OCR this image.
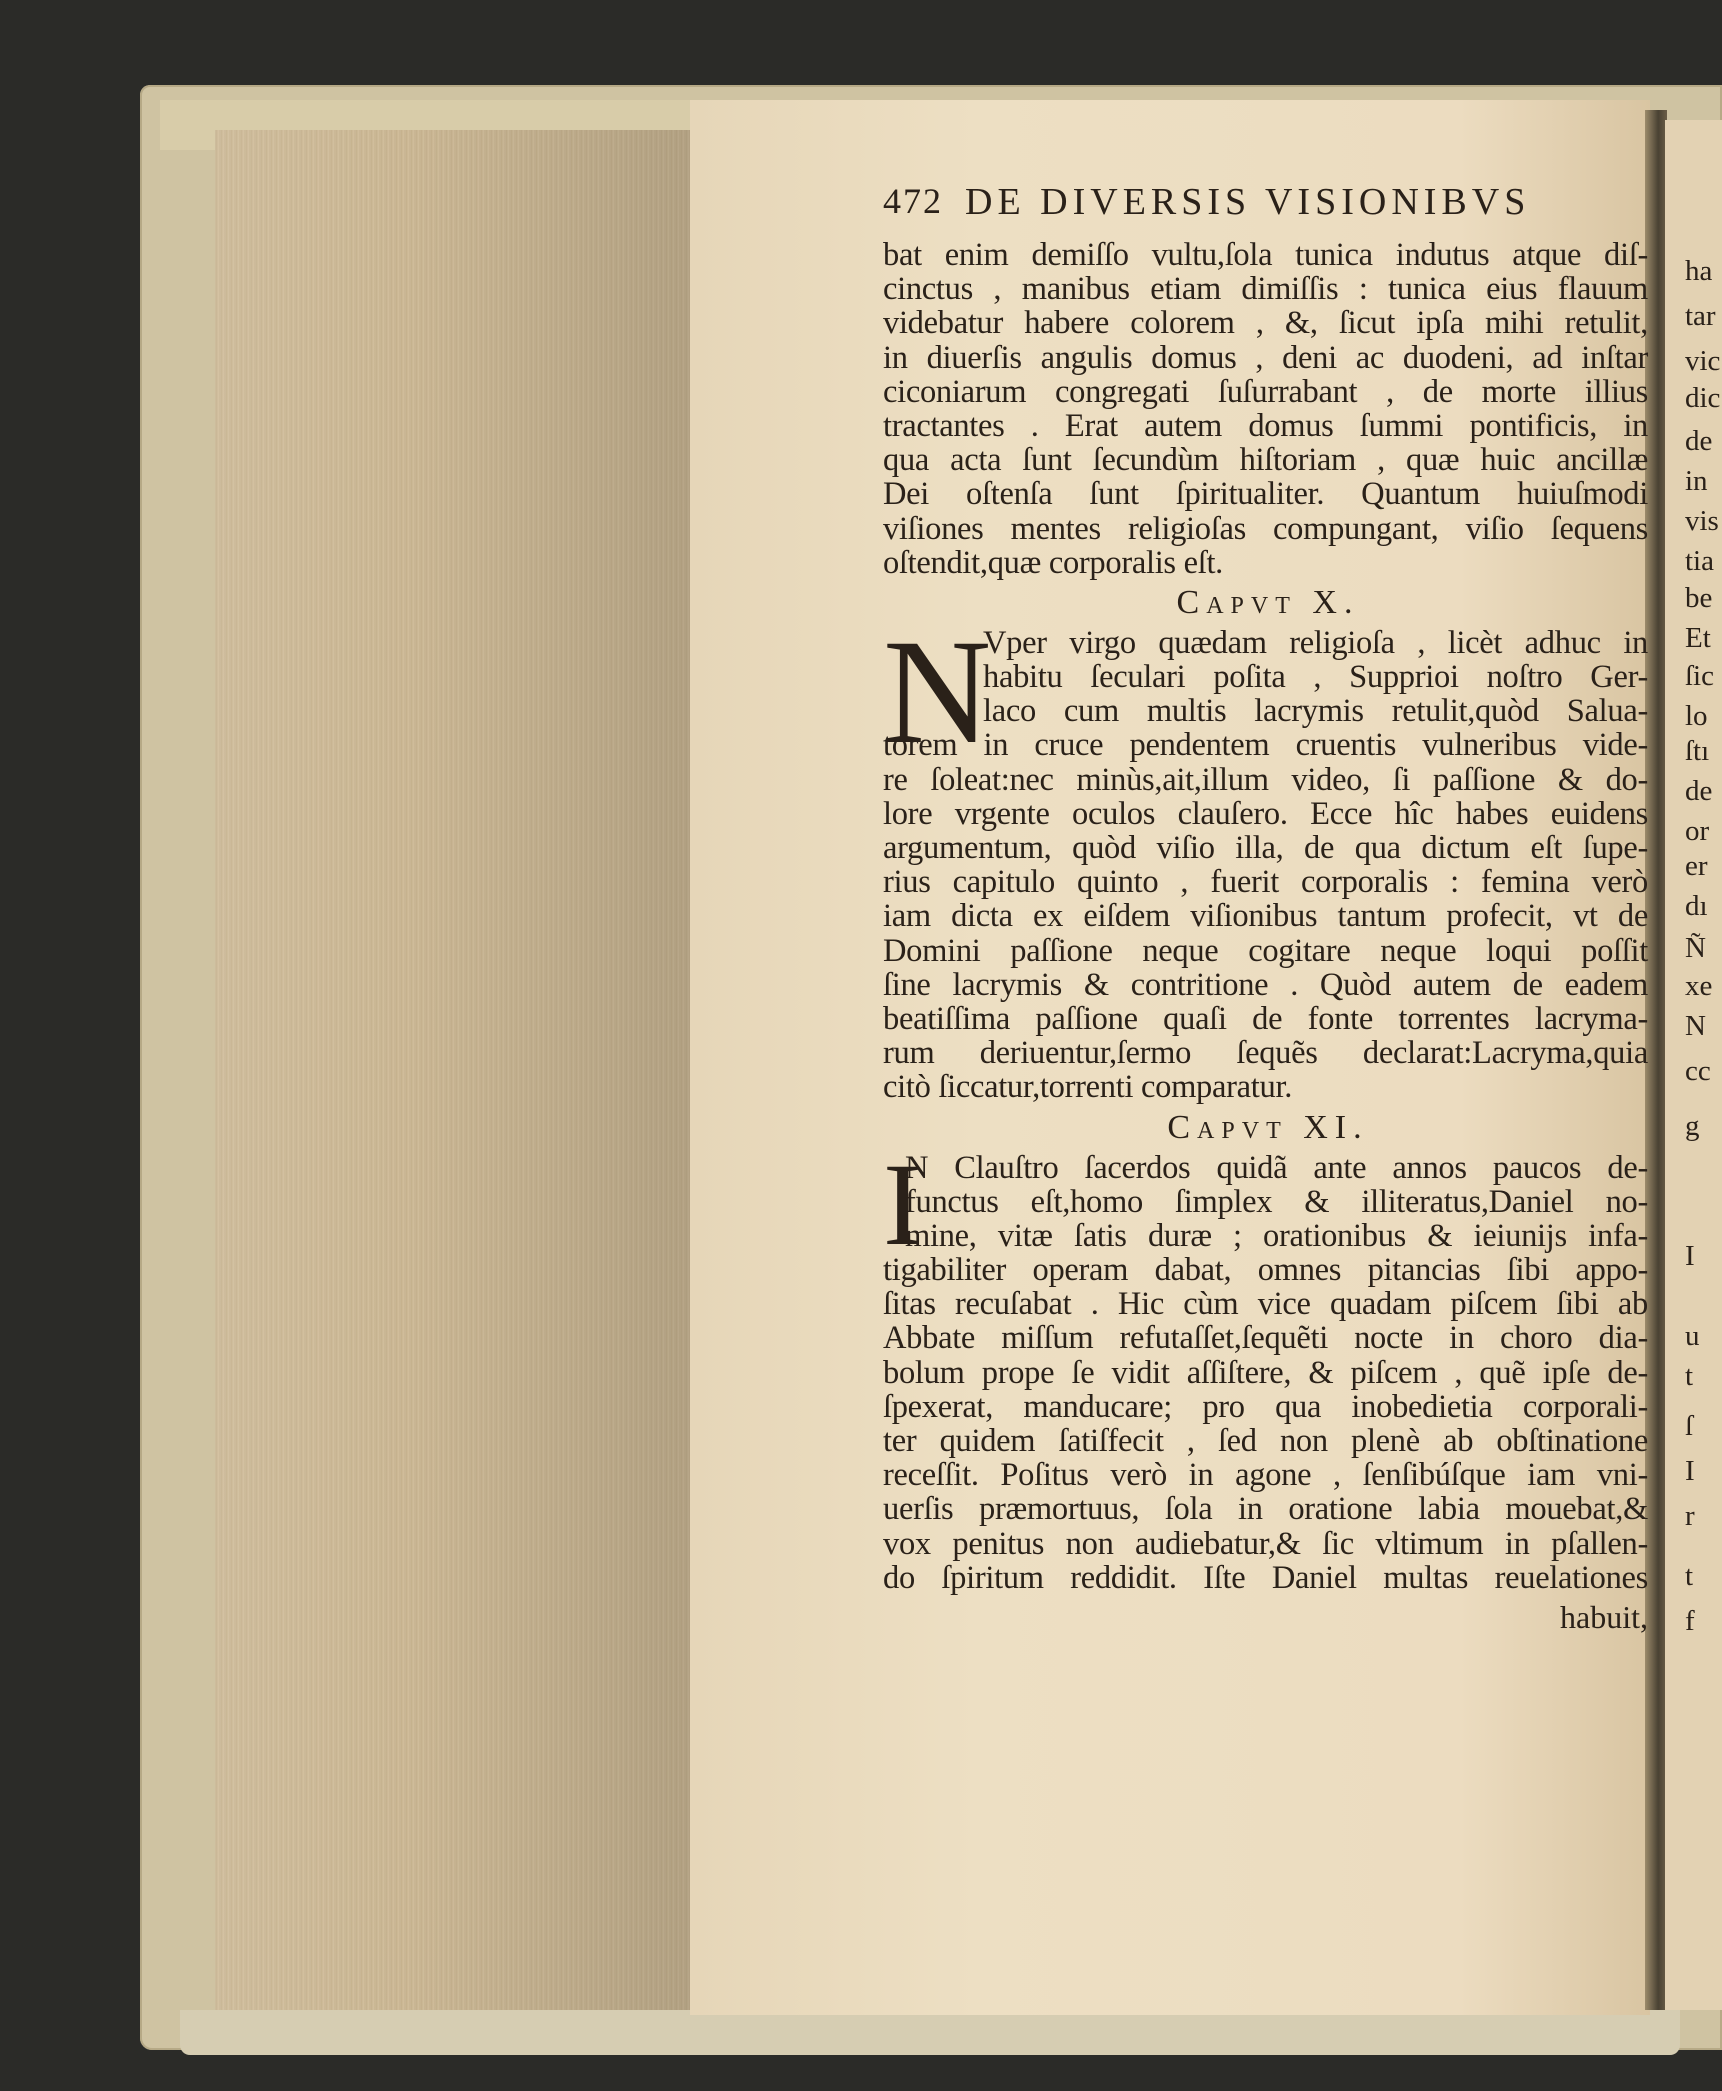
ha
tar
vic
dic
de
in
vis
tia
be
Et
ſic
lo
ſtı
de
or
er
dı
Ñ
xe
N
cc
g
I
u
t
ſ
I
r
t
f
472 DE DIVERSIS VISIONIBVS
bat enim demiſſo vultu,ſola tunica indutus atque diſ-
cinctus , manibus etiam dimiſſis : tunica eius flauum
videbatur habere colorem , &, ſicut ipſa mihi retulit,
in diuerſis angulis domus , deni ac duodeni, ad inſtar
ciconiarum congregati ſuſurrabant , de morte illius
tractantes . Erat autem domus ſummi pontificis, in
qua acta ſunt ſecundùm hiſtoriam , quæ huic ancillæ
Dei oſtenſa ſunt ſpiritualiter. Quantum huiuſmodi
viſiones mentes religioſas compungant, viſio ſequens
oſtendit,quæ corporalis eſt.
Capvt X.
N
Vper virgo quædam religioſa , licèt adhuc in
habitu ſeculari poſita , Supprioi noſtro Ger-
laco cum multis lacrymis retulit,quòd Salua-
torem in cruce pendentem cruentis vulneribus vide-
re ſoleat:nec minùs,ait,illum video, ſi paſſione & do-
lore vrgente oculos clauſero. Ecce hîc habes euidens
argumentum, quòd viſio illa, de qua dictum eſt ſupe-
rius capitulo quinto , fuerit corporalis : femina verò
iam dicta ex eiſdem viſionibus tantum profecit, vt de
Domini paſſione neque cogitare neque loqui poſſit
ſine lacrymis & contritione . Quòd autem de eadem
beatiſſima paſſione quaſi de fonte torrentes lacryma-
rum deriuentur,ſermo ſequẽs declarat:Lacryma,quia
citò ſiccatur,torrenti comparatur.
Capvt XI.
I
N Clauſtro ſacerdos quidã ante annos paucos de-
functus eſt,homo ſimplex & illiteratus,Daniel no-
mine, vitæ ſatis duræ ; orationibus & ieiunijs infa-
tigabiliter operam dabat, omnes pitancias ſibi appo-
ſitas recuſabat . Hic cùm vice quadam piſcem ſibi ab
Abbate miſſum refutaſſet,ſequẽti nocte in choro dia-
bolum prope ſe vidit aſſiſtere, & piſcem , quẽ ipſe de-
ſpexerat, manducare; pro qua inobedietia corporali-
ter quidem ſatiſfecit , ſed non plenè ab obſtinatione
receſſit. Poſitus verò in agone , ſenſibúſque iam vni-
uerſis præmortuus, ſola in oratione labia mouebat,&
vox penitus non audiebatur,& ſic vltimum in pſallen-
do ſpiritum reddidit. Iſte Daniel multas reuelationes
habuit,
